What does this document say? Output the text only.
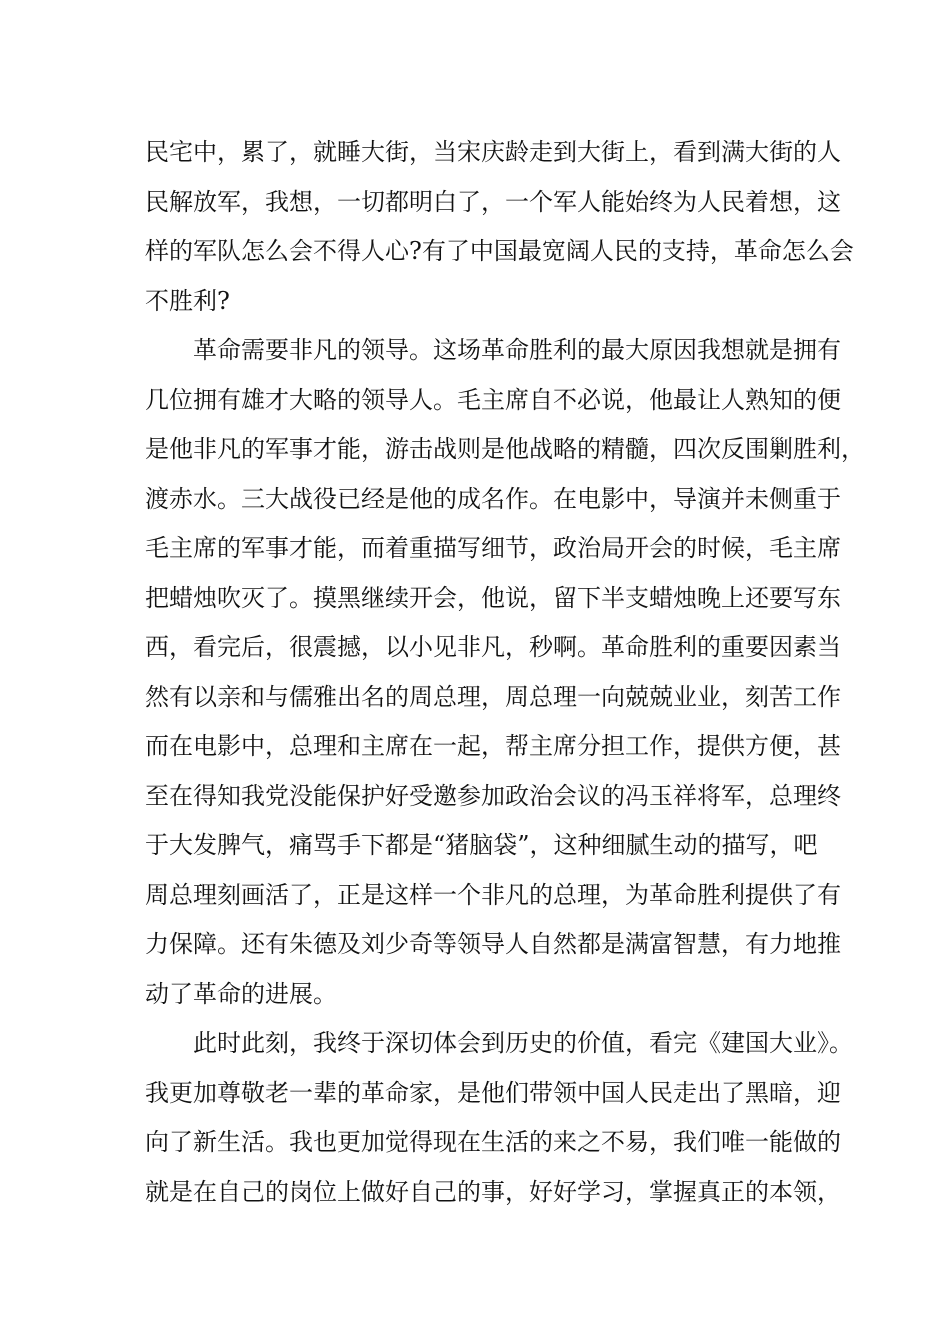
民宅中，累了，就睡大街，当宋庆龄走到大街上，看到满大街的人
民解放军，我想，一切都明白了，一个军人能始终为人民着想，这
样的军队怎么会不得人心?有了中国最宽阔人民的支持，革命怎么会
不胜利?
革命需要非凡的领导。这场革命胜利的最大原因我想就是拥有
几位拥有雄才大略的领导人。毛主席自不必说，他最让人熟知的便
是他非凡的军事才能，游击战则是他战略的精髓，四次反围剿胜利，
渡赤水。三大战役已经是他的成名作。在电影中，导演并未侧重于
毛主席的军事才能，而着重描写细节，政治局开会的时候，毛主席
把蜡烛吹灭了。摸黑继续开会，他说，留下半支蜡烛晚上还要写东
西，看完后，很震撼，以小见非凡，秒啊。革命胜利的重要因素当
然有以亲和与儒雅出名的周总理，周总理一向兢兢业业，刻苦工作
而在电影中，总理和主席在一起，帮主席分担工作，提供方便，甚
至在得知我党没能保护好受邀参加政治会议的冯玉祥将军，总理终
于大发脾气，痛骂手下都是“猪脑袋”，这种细腻生动的描写，吧
周总理刻画活了，正是这样一个非凡的总理，为革命胜利提供了有
力保障。还有朱德及刘少奇等领导人自然都是满富智慧，有力地推
动了革命的进展。
此时此刻，我终于深切体会到历史的价值，看完《建国大业》。
我更加尊敬老一辈的革命家，是他们带领中国人民走出了黑暗，迎
向了新生活。我也更加觉得现在生活的来之不易，我们唯一能做的
就是在自己的岗位上做好自己的事，好好学习，掌握真正的本领，
